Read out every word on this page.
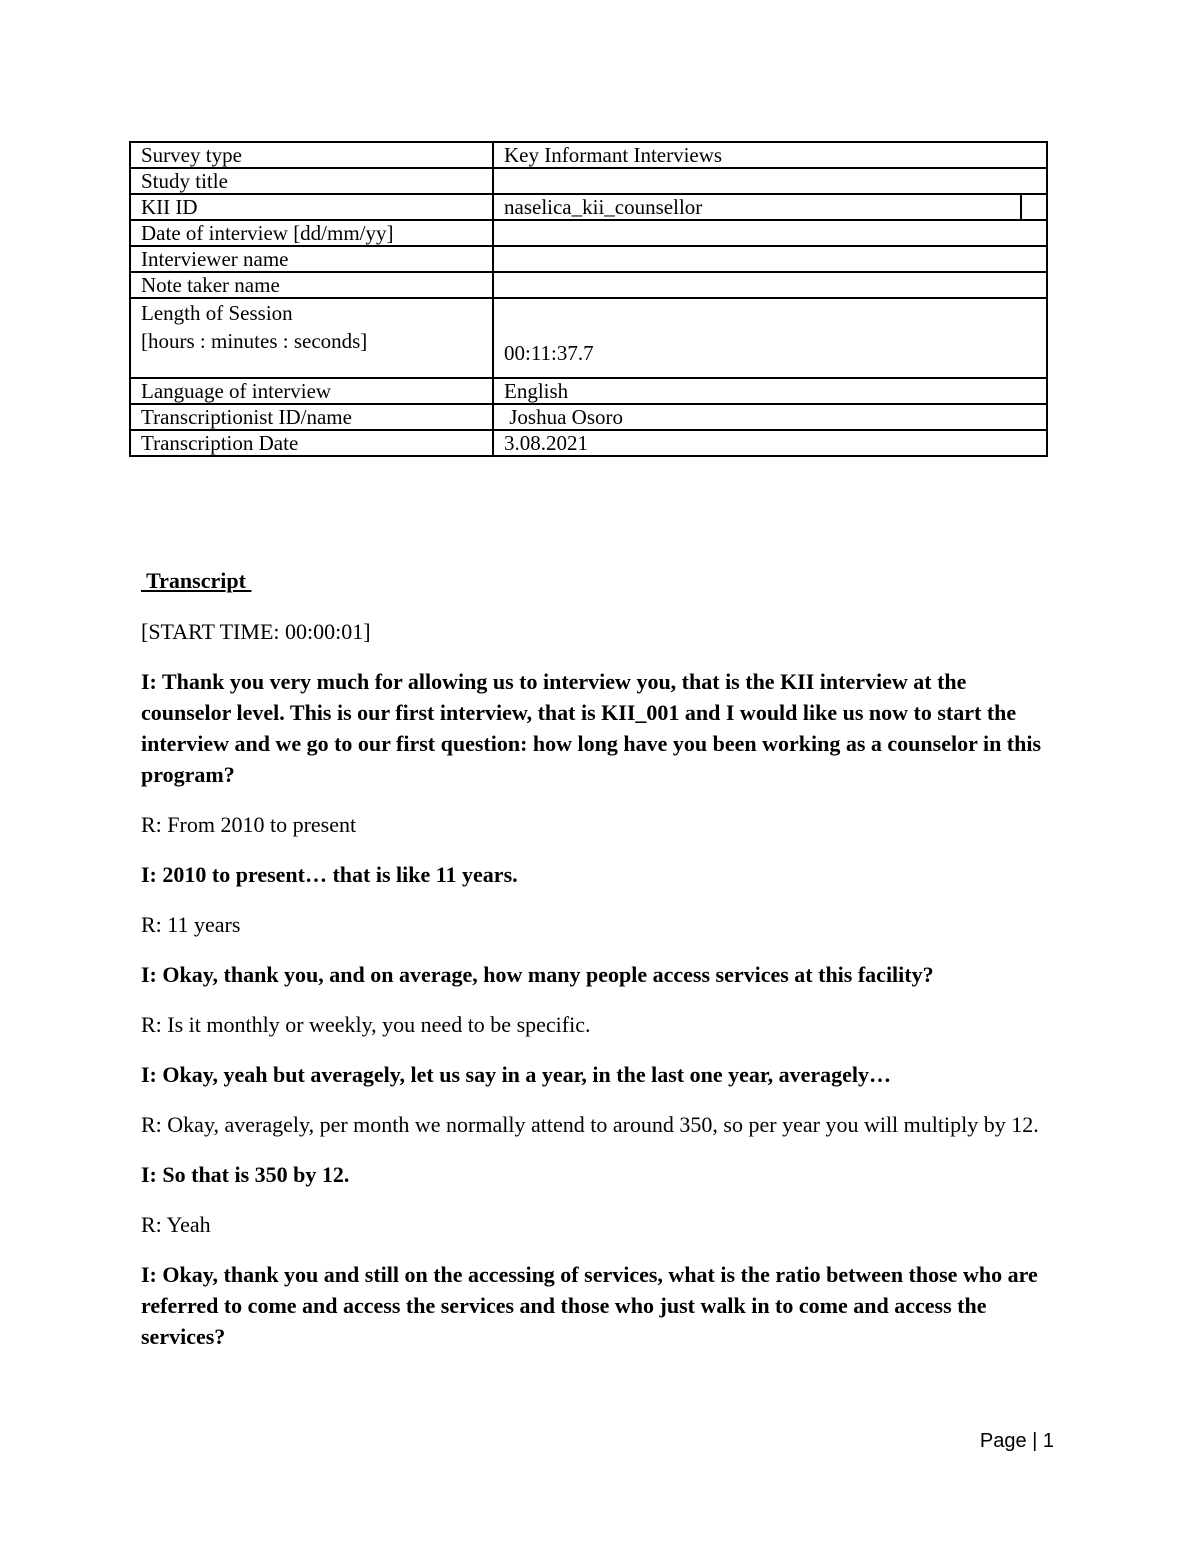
Survey type	Key Informant Interviews
Study title	
KII ID	naselica_kii_counsellor

Date of interview [dd/mm/yy]	
Interviewer name	
Note taker name	

Length of Session
[hours : minutes : seconds]	00:11:37.7
Language of interview	English
Transcriptionist ID/name	Joshua Osoro
Transcription Date	3.08.2021

Transcript

[START TIME: 00:00:01]

I: Thank you very much for allowing us to interview you, that is the KII interview at the counselor level. This is our first interview, that is KII_001 and I would like us now to start the interview and we go to our first question: how long have you been working as a counselor in this program?

R: From 2010 to present

I: 2010 to present… that is like 11 years.

R: 11 years

I: Okay, thank you, and on average, how many people access services at this facility?

R: Is it monthly or weekly, you need to be specific.

I: Okay, yeah but averagely, let us say in a year, in the last one year, averagely…

R: Okay, averagely, per month we normally attend to around 350, so per year you will multiply by 12.

I: So that is 350 by 12.

R: Yeah

I: Okay, thank you and still on the accessing of services, what is the ratio between those who are referred to come and access the services and those who just walk in to come and access the services?

Page | 1
